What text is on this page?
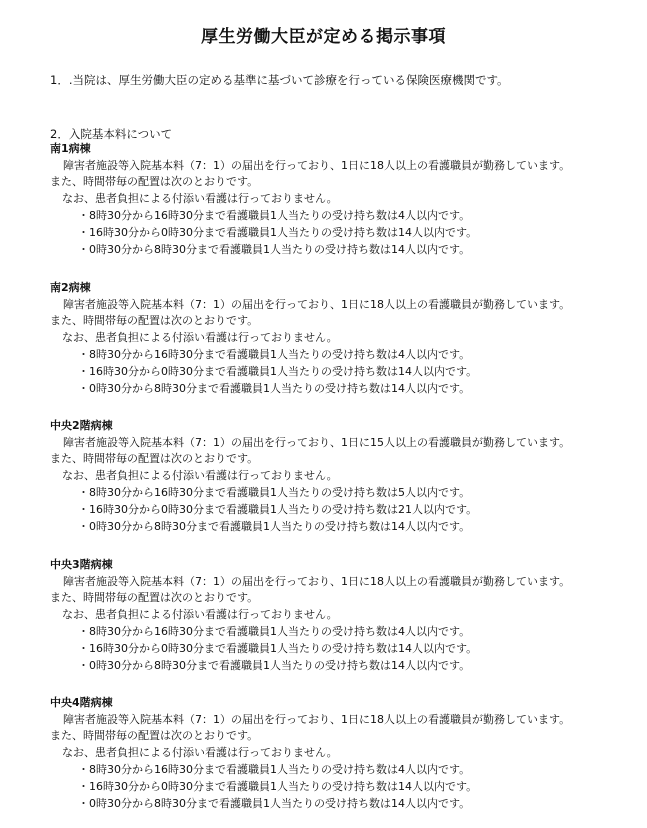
厚生労働大臣が定める掲示事項
1．.当院は、厚生労働大臣の定める基準に基づいて診療を行っている保険医療機関です。
2．入院基本料について
南1病棟
障害者施設等入院基本料（7：1）の届出を行っており、1日に18人以上の看護職員が勤務しています。
また、時間帯毎の配置は次のとおりです。
なお、患者負担による付添い看護は行っておりません。
・8時30分から16時30分まで看護職員1人当たりの受け持ち数は4人以内です。
・16時30分から0時30分まで看護職員1人当たりの受け持ち数は14人以内です。
・0時30分から8時30分まで看護職員1人当たりの受け持ち数は14人以内です。
南2病棟
障害者施設等入院基本料（7：1）の届出を行っており、1日に18人以上の看護職員が勤務しています。
また、時間帯毎の配置は次のとおりです。
なお、患者負担による付添い看護は行っておりません。
・8時30分から16時30分まで看護職員1人当たりの受け持ち数は4人以内です。
・16時30分から0時30分まで看護職員1人当たりの受け持ち数は14人以内です。
・0時30分から8時30分まで看護職員1人当たりの受け持ち数は14人以内です。
中央2階病棟
障害者施設等入院基本料（7：1）の届出を行っており、1日に15人以上の看護職員が勤務しています。
また、時間帯毎の配置は次のとおりです。
なお、患者負担による付添い看護は行っておりません。
・8時30分から16時30分まで看護職員1人当たりの受け持ち数は5人以内です。
・16時30分から0時30分まで看護職員1人当たりの受け持ち数は21人以内です。
・0時30分から8時30分まで看護職員1人当たりの受け持ち数は14人以内です。
中央3階病棟
障害者施設等入院基本料（7：1）の届出を行っており、1日に18人以上の看護職員が勤務しています。
また、時間帯毎の配置は次のとおりです。
なお、患者負担による付添い看護は行っておりません。
・8時30分から16時30分まで看護職員1人当たりの受け持ち数は4人以内です。
・16時30分から0時30分まで看護職員1人当たりの受け持ち数は14人以内です。
・0時30分から8時30分まで看護職員1人当たりの受け持ち数は14人以内です。
中央4階病棟
障害者施設等入院基本料（7：1）の届出を行っており、1日に18人以上の看護職員が勤務しています。
また、時間帯毎の配置は次のとおりです。
なお、患者負担による付添い看護は行っておりません。
・8時30分から16時30分まで看護職員1人当たりの受け持ち数は4人以内です。
・16時30分から0時30分まで看護職員1人当たりの受け持ち数は14人以内です。
・0時30分から8時30分まで看護職員1人当たりの受け持ち数は14人以内です。
